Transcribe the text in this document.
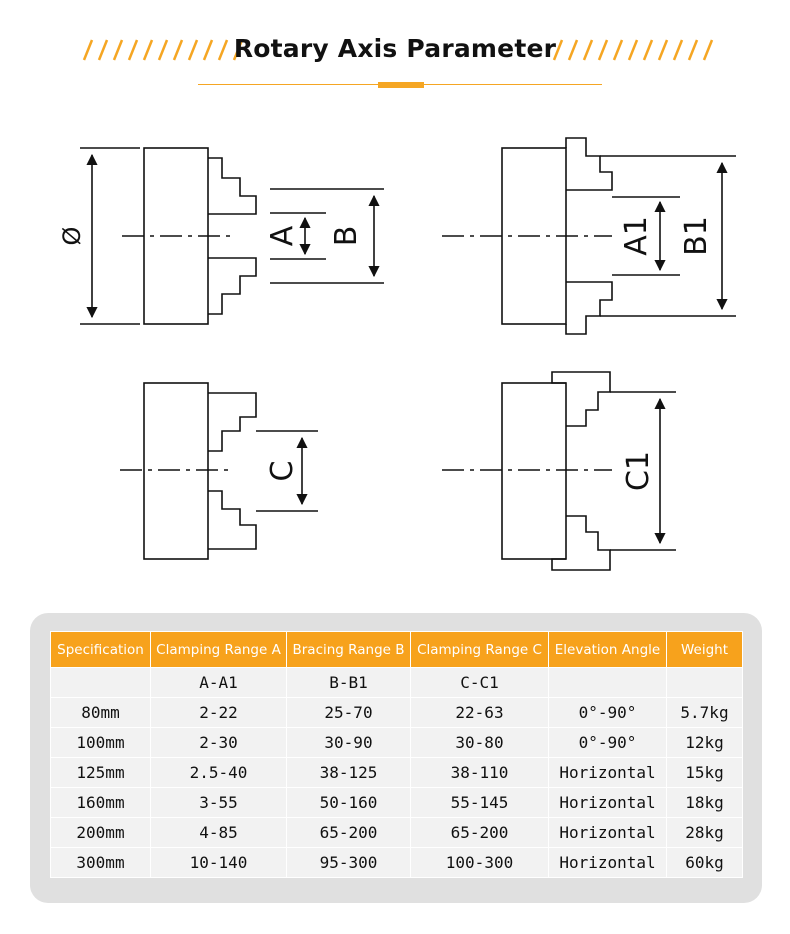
Rotary Axis Parameter
Ø	A B	A1 B1
C	C1
Specification	Clamping Range A	Bracing Range B	Clamping Range C	Elevation Angle	Weight
	A-A1	B-B1	C-C1		
80mm	2-22	25-70	22-63	0°-90°	5.7kg
100mm	2-30	30-90	30-80	0°-90°	12kg
125mm	2.5-40	38-125	38-110	Horizontal	15kg
160mm	3-55	50-160	55-145	Horizontal	18kg
200mm	4-85	65-200	65-200	Horizontal	28kg
300mm	10-140	95-300	100-300	Horizontal	60kg
